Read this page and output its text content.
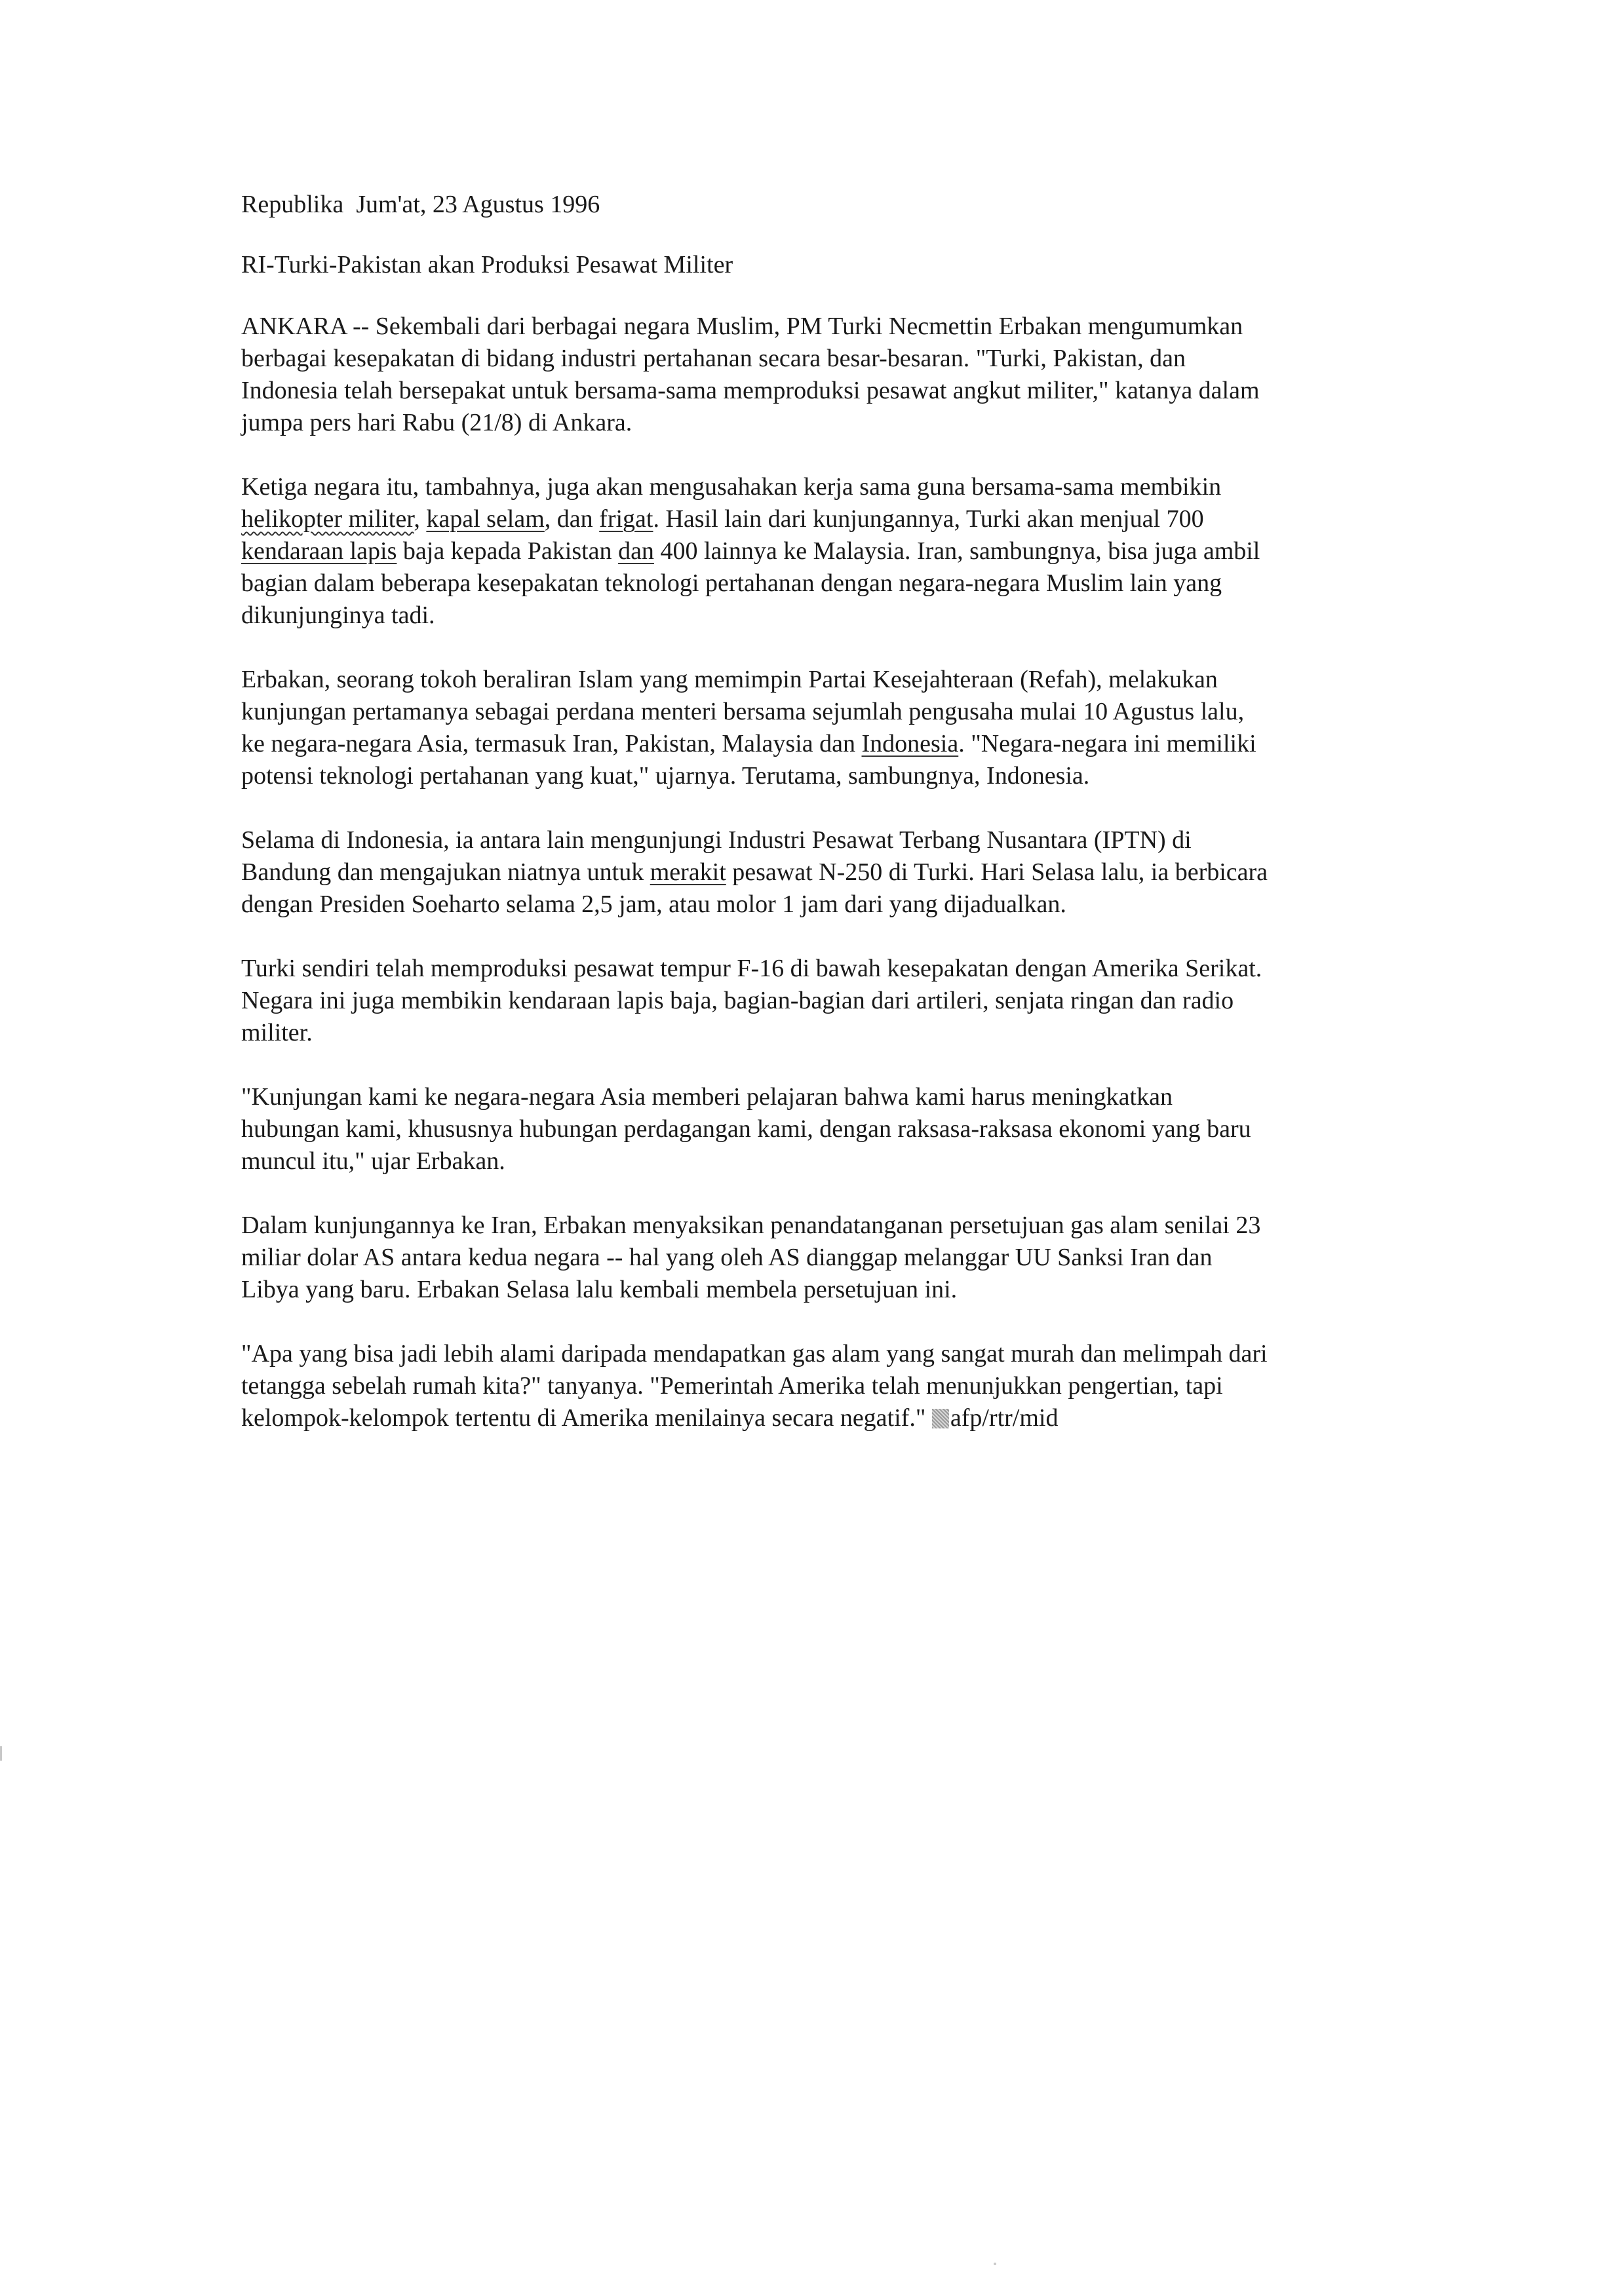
Republika Jum'at, 23 Agustus 1996
RI-Turki-Pakistan akan Produksi Pesawat Militer
ANKARA -- Sekembali dari berbagai negara Muslim, PM Turki Necmettin Erbakan mengumumkan
berbagai kesepakatan di bidang industri pertahanan secara besar-besaran. "Turki, Pakistan, dan
Indonesia telah bersepakat untuk bersama-sama memproduksi pesawat angkut militer," katanya dalam
jumpa pers hari Rabu (21/8) di Ankara.
Ketiga negara itu, tambahnya, juga akan mengusahakan kerja sama guna bersama-sama membikin
helikopter militer, kapal selam, dan frigat. Hasil lain dari kunjungannya, Turki akan menjual 700
kendaraan lapis baja kepada Pakistan dan 400 lainnya ke Malaysia. Iran, sambungnya, bisa juga ambil
bagian dalam beberapa kesepakatan teknologi pertahanan dengan negara-negara Muslim lain yang
dikunjunginya tadi.
Erbakan, seorang tokoh beraliran Islam yang memimpin Partai Kesejahteraan (Refah), melakukan
kunjungan pertamanya sebagai perdana menteri bersama sejumlah pengusaha mulai 10 Agustus lalu,
ke negara-negara Asia, termasuk Iran, Pakistan, Malaysia dan Indonesia. "Negara-negara ini memiliki
potensi teknologi pertahanan yang kuat," ujarnya. Terutama, sambungnya, Indonesia.
Selama di Indonesia, ia antara lain mengunjungi Industri Pesawat Terbang Nusantara (IPTN) di
Bandung dan mengajukan niatnya untuk merakit pesawat N-250 di Turki. Hari Selasa lalu, ia berbicara
dengan Presiden Soeharto selama 2,5 jam, atau molor 1 jam dari yang dijadualkan.
Turki sendiri telah memproduksi pesawat tempur F-16 di bawah kesepakatan dengan Amerika Serikat.
Negara ini juga membikin kendaraan lapis baja, bagian-bagian dari artileri, senjata ringan dan radio
militer.
"Kunjungan kami ke negara-negara Asia memberi pelajaran bahwa kami harus meningkatkan
hubungan kami, khususnya hubungan perdagangan kami, dengan raksasa-raksasa ekonomi yang baru
muncul itu," ujar Erbakan.
Dalam kunjungannya ke Iran, Erbakan menyaksikan penandatanganan persetujuan gas alam senilai 23
miliar dolar AS antara kedua negara -- hal yang oleh AS dianggap melanggar UU Sanksi Iran dan
Libya yang baru. Erbakan Selasa lalu kembali membela persetujuan ini.
"Apa yang bisa jadi lebih alami daripada mendapatkan gas alam yang sangat murah dan melimpah dari
tetangga sebelah rumah kita?" tanyanya. "Pemerintah Amerika telah menunjukkan pengertian, tapi
kelompok-kelompok tertentu di Amerika menilainya secara negatif." afp/rtr/mid
